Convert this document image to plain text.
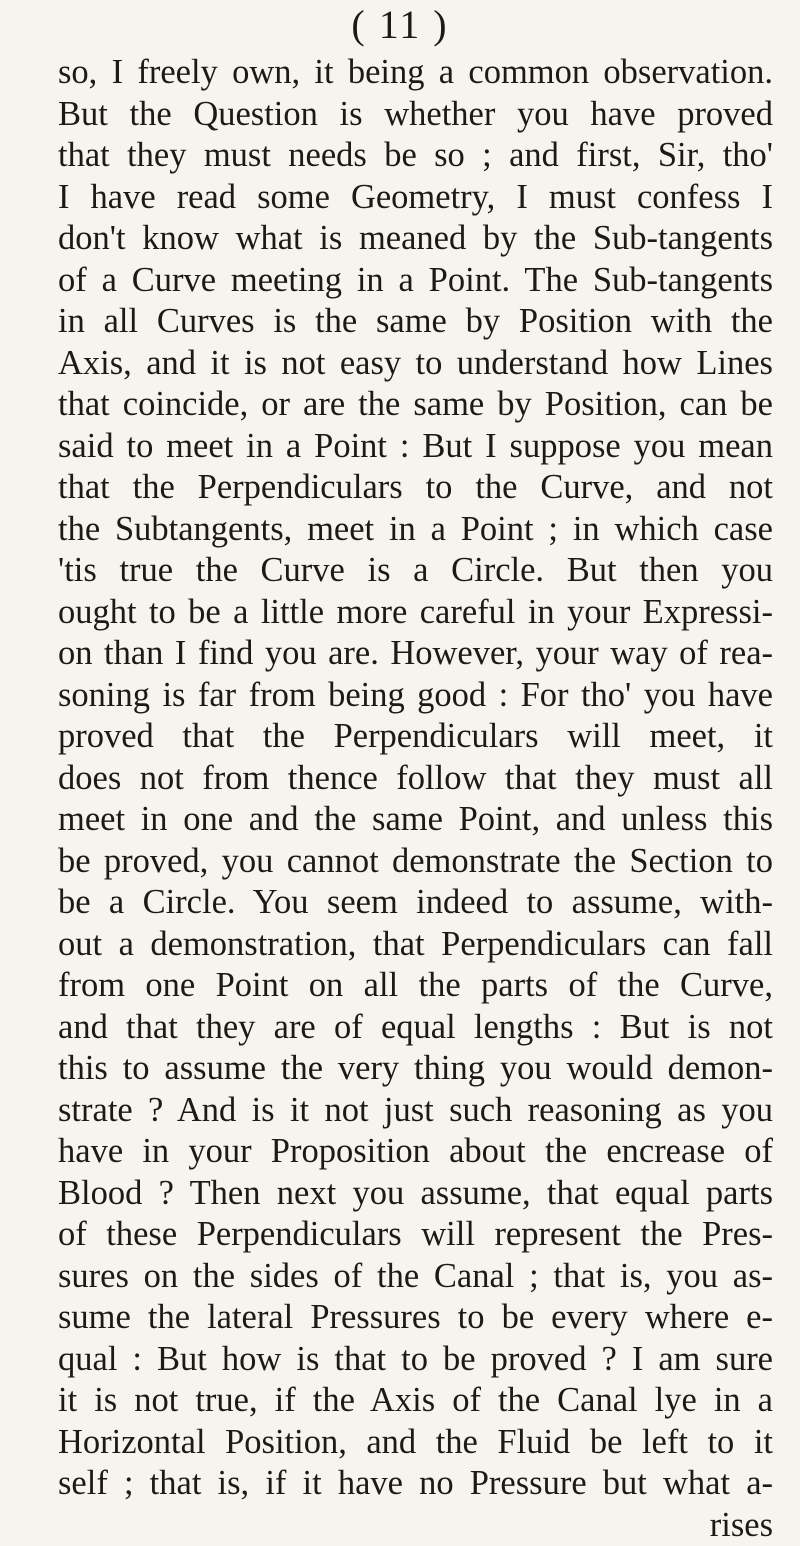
( 11 )
so, I freely own, it being a common observation.
But the Question is whether you have proved
that they must needs be so ; and first, Sir, tho'
I have read some Geometry, I must confess I
don't know what is meaned by the Sub-tangents
of a Curve meeting in a Point. The Sub-tangents
in all Curves is the same by Position with the
Axis, and it is not easy to understand how Lines
that coincide, or are the same by Position, can be
said to meet in a Point : But I suppose you mean
that the Perpendiculars to the Curve, and not
the Subtangents, meet in a Point ; in which case
'tis true the Curve is a Circle. But then you
ought to be a little more careful in your Expressi-
on than I find you are. However, your way of rea-
soning is far from being good : For tho' you have
proved that the Perpendiculars will meet, it
does not from thence follow that they must all
meet in one and the same Point, and unless this
be proved, you cannot demonstrate the Section to
be a Circle. You seem indeed to assume, with-
out a demonstration, that Perpendiculars can fall
from one Point on all the parts of the Curve,
and that they are of equal lengths : But is not
this to assume the very thing you would demon-
strate ? And is it not just such reasoning as you
have in your Proposition about the encrease of
Blood ? Then next you assume, that equal parts
of these Perpendiculars will represent the Pres-
sures on the sides of the Canal ; that is, you as-
sume the lateral Pressures to be every where e-
qual : But how is that to be proved ? I am sure
it is not true, if the Axis of the Canal lye in a
Horizontal Position, and the Fluid be left to it
self ; that is, if it have no Pressure but what a-
rises
